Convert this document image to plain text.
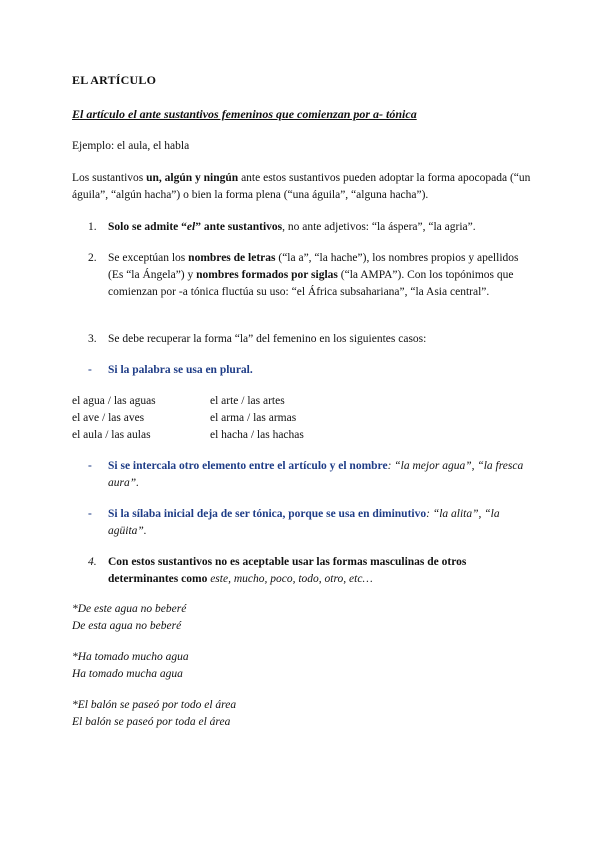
EL ARTÍCULO
El artículo el ante sustantivos femeninos que comienzan por a- tónica
Ejemplo: el aula, el habla
Los sustantivos un, algún y ningún ante estos sustantivos pueden adoptar la forma apocopada (“un águila”, “algún hacha”) o bien la forma plena (“una águila”, “alguna hacha”).
1. Solo se admite “el” ante sustantivos, no ante adjetivos: “la áspera”, “la agria”.
2. Se exceptúan los nombres de letras (“la a”, “la hache”), los nombres propios y apellidos (Es “la Ángela”) y nombres formados por siglas (“la AMPA”). Con los topónimos que comienzan por -a tónica fluctúa su uso: “el África subsahariana”, “la Asia central”.
3. Se debe recuperar la forma “la” del femenino en los siguientes casos:
- Si la palabra se usa en plural.
el agua / las aguas
el ave / las aves
el aula / las aulas
el arte / las artes
el arma / las armas
el hacha / las hachas
- Si se intercala otro elemento entre el artículo y el nombre: “la mejor agua”, “la fresca aura”.
- Si la sílaba inicial deja de ser tónica, porque se usa en diminutivo: “la alita”, “la agüita”.
4. Con estos sustantivos no es aceptable usar las formas masculinas de otros determinantes como este, mucho, poco, todo, otro, etc…
*De este agua no beberé
De esta agua no beberé
*Ha tomado mucho agua
Ha tomado mucha agua
*El balón se paseó por todo el área
El balón se paseó por toda el área
